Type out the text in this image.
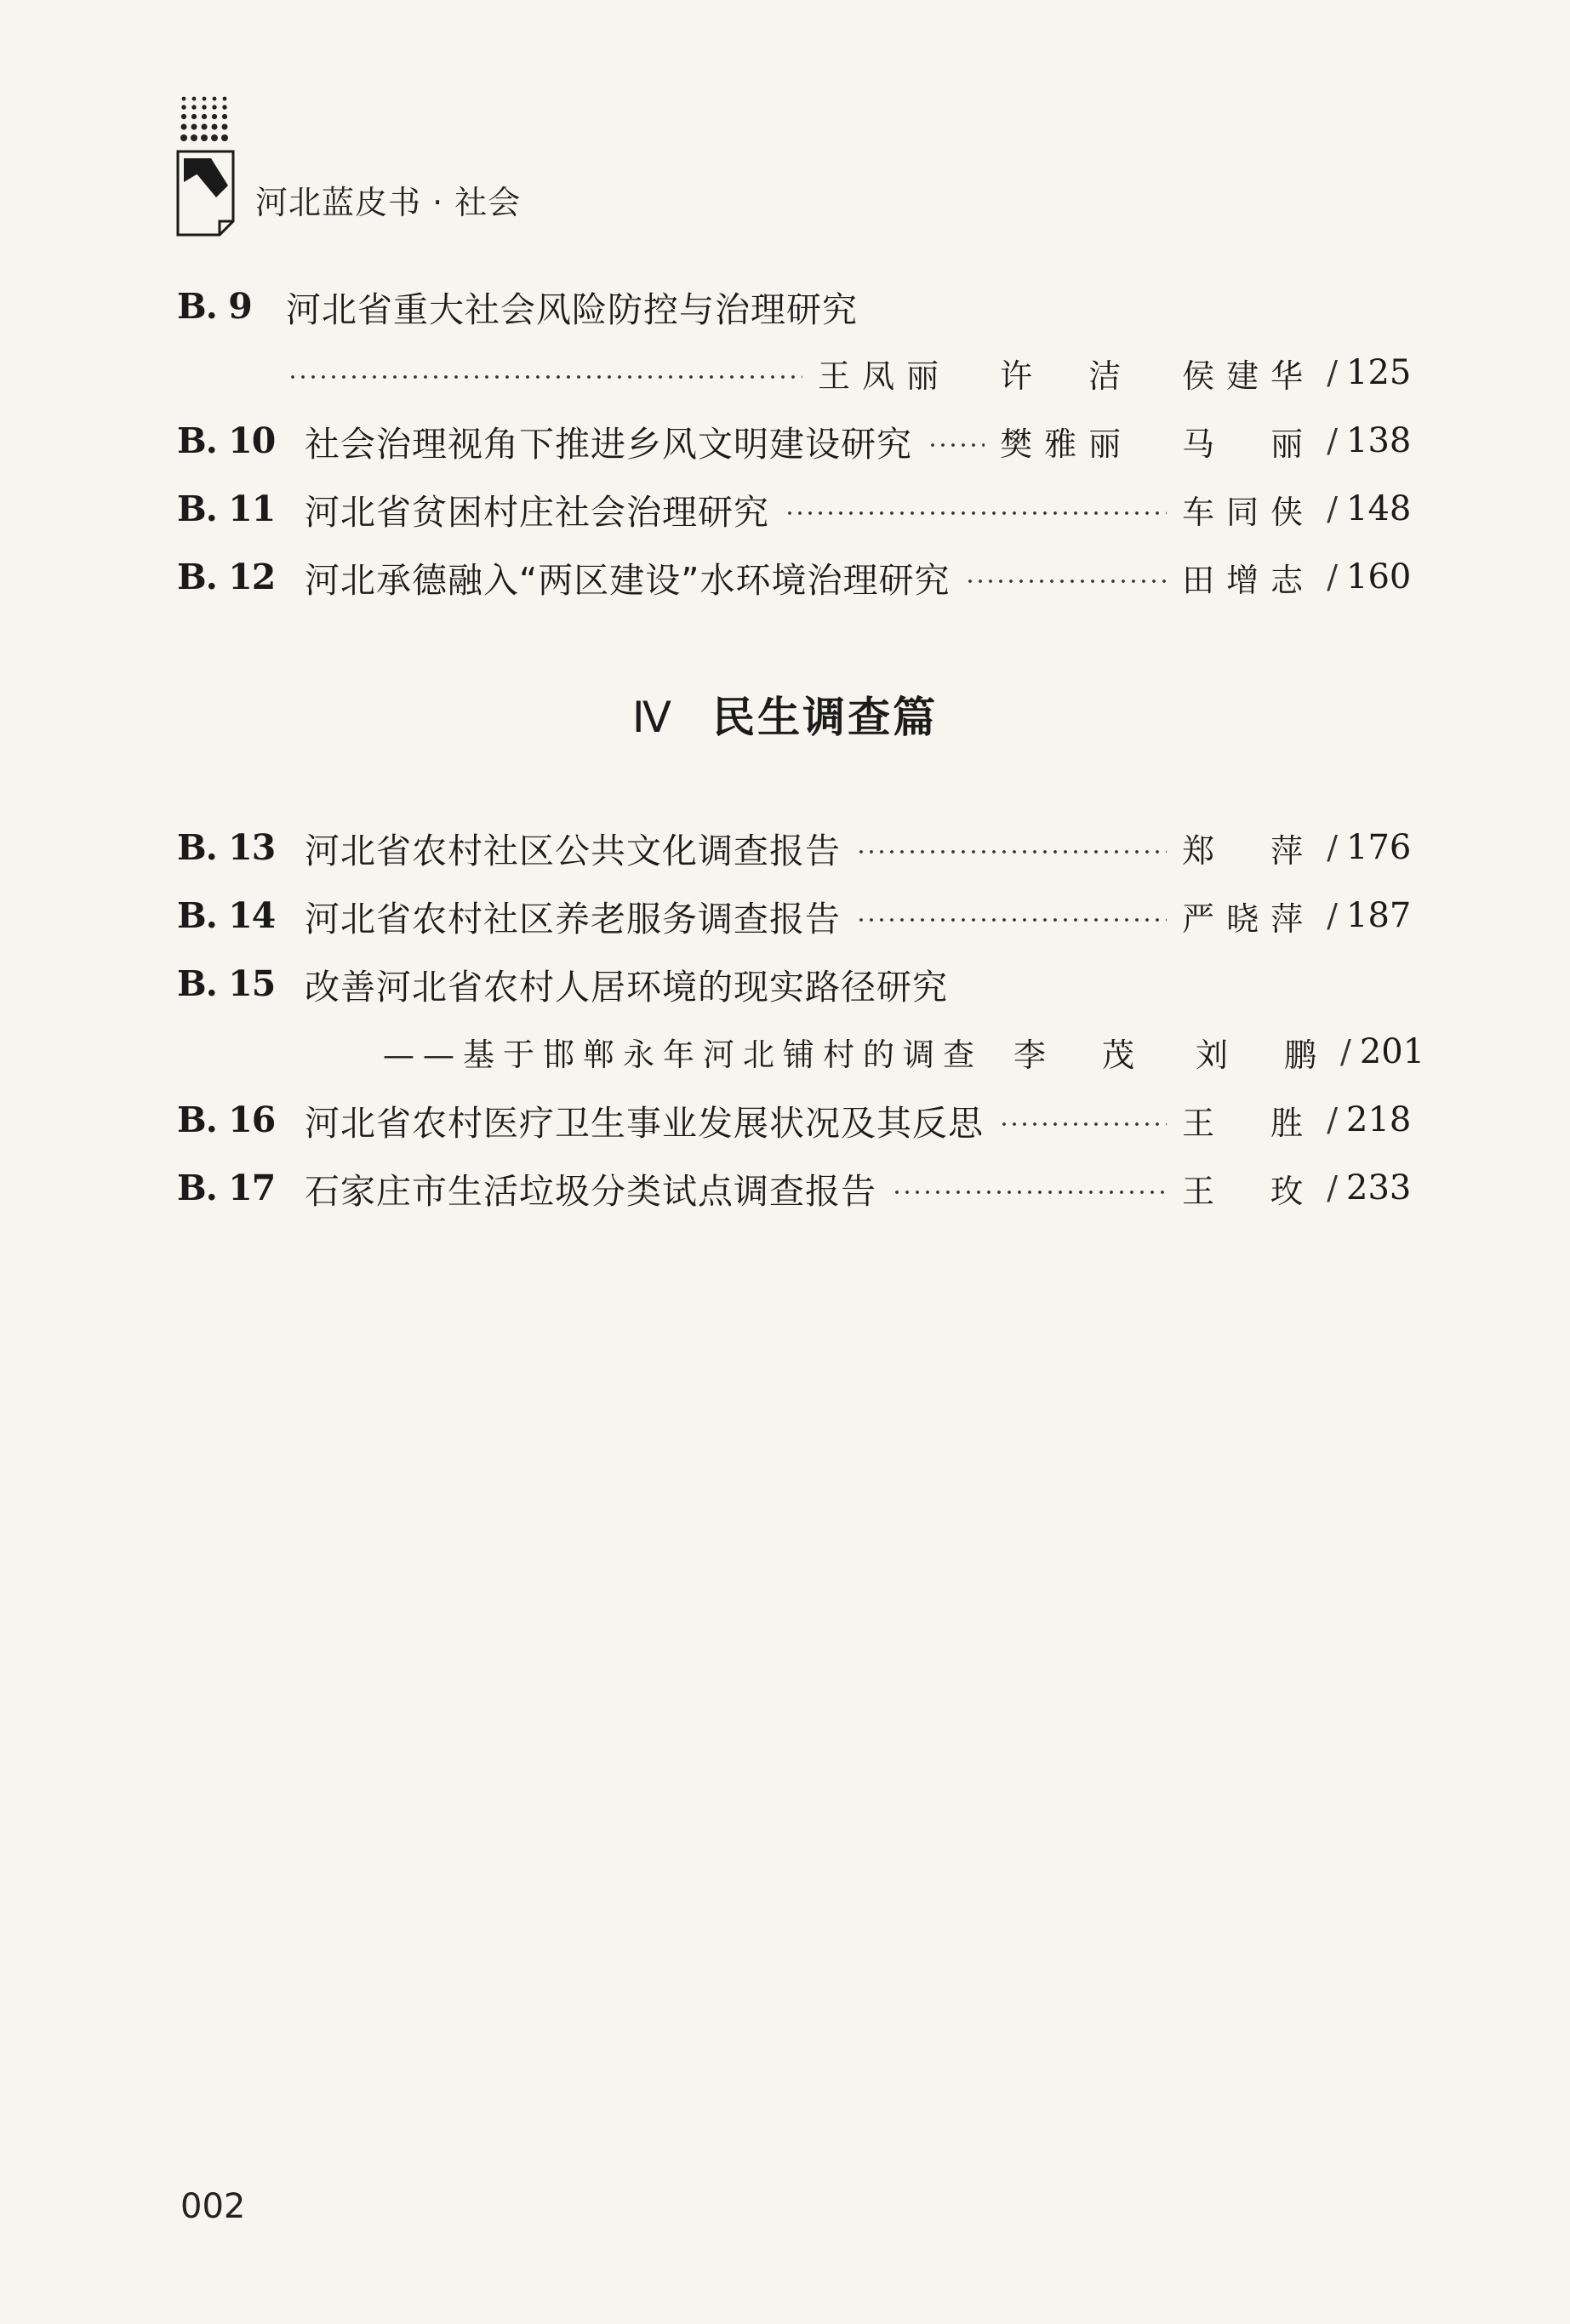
河北蓝皮书 · 社会
B. 9 河北省重大社会风险防控与治理研究
王凤丽 许　洁 侯建华 / 125
B. 10 社会治理视角下推进乡风文明建设研究	樊雅丽 马　丽 / 138
B. 11 河北省贫困村庄社会治理研究	车同侠 / 148
B. 12 河北承德融入“两区建设”水环境治理研究	田增志 / 160
Ⅳ 民生调查篇
B. 13 河北省农村社区公共文化调查报告	郑　萍 / 176
B. 14 河北省农村社区养老服务调查报告	严晓萍 / 187
B. 15 改善河北省农村人居环境的现实路径研究
——基于邯郸永年河北铺村的调查 李　茂 刘　鹏 / 201
B. 16 河北省农村医疗卫生事业发展状况及其反思	王　胜 / 218
B. 17 石家庄市生活垃圾分类试点调查报告	王　玫 / 233
002
